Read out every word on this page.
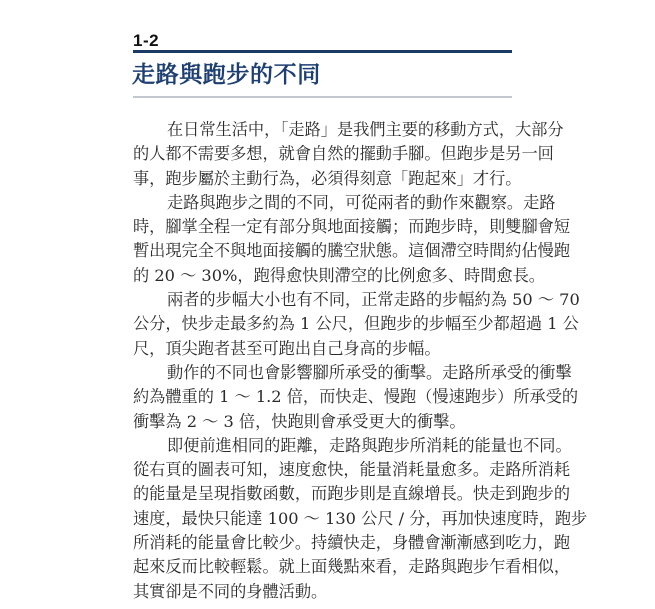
1-2
走路與跑步的不同
在日常生活中，「走路」是我們主要的移動方式，大部分
的人都不需要多想，就會自然的擺動手腳。但跑步是另一回
事，跑步屬於主動行為，必須得刻意「跑起來」才行。
走路與跑步之間的不同，可從兩者的動作來觀察。走路
時，腳掌全程一定有部分與地面接觸；而跑步時，則雙腳會短
暫出現完全不與地面接觸的騰空狀態。這個滯空時間約佔慢跑
的 20 ～ 30%，跑得愈快則滯空的比例愈多、時間愈長。
兩者的步幅大小也有不同，正常走路的步幅約為 50 ～ 70
公分，快步走最多約為 1 公尺，但跑步的步幅至少都超過 1 公
尺，頂尖跑者甚至可跑出自己身高的步幅。
動作的不同也會影響腳所承受的衝擊。走路所承受的衝擊
約為體重的 1 ～ 1.2 倍，而快走、慢跑（慢速跑步）所承受的
衝擊為 2 ～ 3 倍，快跑則會承受更大的衝擊。
即便前進相同的距離，走路與跑步所消耗的能量也不同。
從右頁的圖表可知，速度愈快，能量消耗量愈多。走路所消耗
的能量是呈現指數函數，而跑步則是直線增長。快走到跑步的
速度，最快只能達 100 ～ 130 公尺 / 分，再加快速度時，跑步
所消耗的能量會比較少。持續快走，身體會漸漸感到吃力，跑
起來反而比較輕鬆。就上面幾點來看，走路與跑步乍看相似，
其實卻是不同的身體活動。
